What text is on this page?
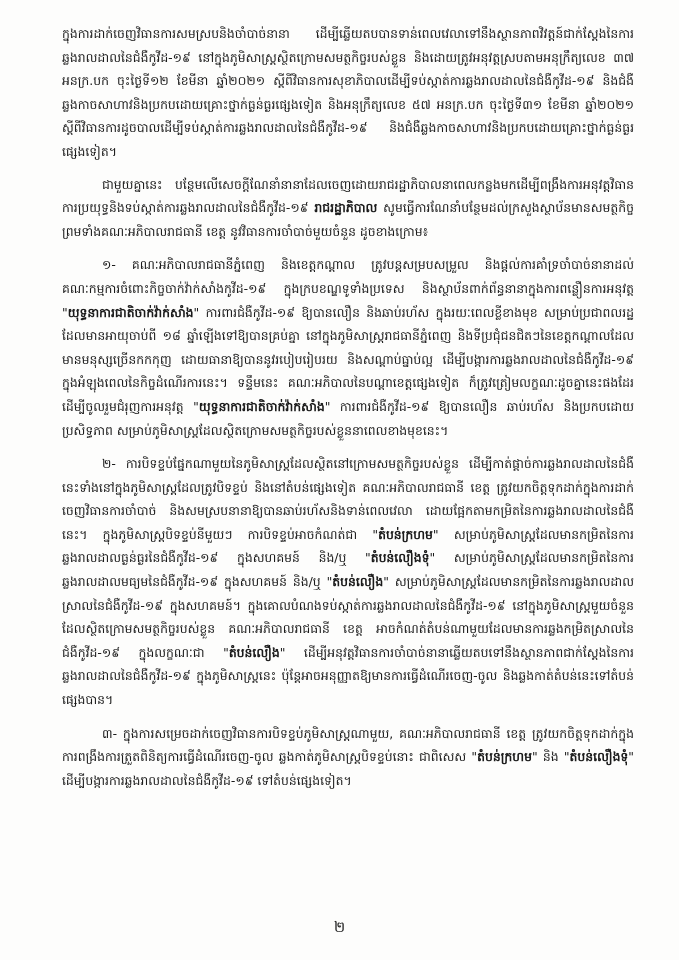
ក្នុងការដាក់ចេញវិធានការសមស្របនិងចាំបាច់នានា ដើម្បីឆ្លើយតបបានទាន់ពេលវេលាទៅនឹងស្ថានភាពវិវត្តន៍ជាក់ស្តែងនៃការឆ្លងរាលដាលនៃជំងឺកូវីដ-១៩ នៅក្នុងភូមិសាស្ត្រស្ថិតក្រោមសមត្ថកិច្ចរបស់ខ្លួន និងដោយត្រូវអនុវត្តស្របតាមអនុក្រឹត្យលេខ ៣៧ អនក្រ.បក ចុះថ្ងៃទី១២ ខែមីនា ឆ្នាំ២០២១ ស្តីពីវិធានការសុខាភិបាលដើម្បីទប់ស្កាត់ការឆ្លងរាលដាលនៃជំងឺកូវីដ-១៩ និងជំងឺឆ្លងកាចសាហាវនិងប្រកបដោយគ្រោះថ្នាក់ធ្ងន់ធ្ងរផ្សេងទៀត និងអនុក្រឹត្យលេខ ៥៧ អនក្រ.បក ចុះថ្ងៃទី៣១ ខែមីនា ឆ្នាំ២០២១ ស្តីពីវិធានការដូចបាលដើម្បីទប់ស្កាត់ការឆ្លងរាលដាលនៃជំងឺកូវីដ-១៩ និងជំងឺឆ្លងកាចសាហាវនិងប្រកបដោយគ្រោះថ្នាក់ធ្ងន់ធ្ងរផ្សេងទៀត។

ជាមួយគ្នានេះ បន្ថែមលើសេចក្តីណែនាំនានាដែលចេញដោយរាជរដ្ឋាភិបាលនាពេលកន្លងមកដើម្បីពង្រឹងការអនុវត្តវិធានការប្រយុទ្ធនិងទប់ស្កាត់ការឆ្លងរាលដាលនៃជំងឺកូវីដ-១៩ រាជរដ្ឋាភិបាល សូមធ្វើការណែនាំបន្ថែមដល់ក្រសួងស្ថាប័នមានសមត្ថកិច្ច ព្រមទាំងគណៈអភិបាលរាជធានី ខេត្ត នូវវិធានការចាំបាច់មួយចំនួន ដូចខាងក្រោម៖

១- គណៈអភិបាលរាជធានីភ្នំពេញ និងខេត្តកណ្តាល ត្រូវបន្តសម្របសម្រួល និងផ្តល់ការគាំទ្រចាំបាច់នានាដល់គណៈកម្មការចំពោះកិច្ចចាក់វ៉ាក់សាំងកូវីដ-១៩ ក្នុងក្របខណ្ឌទូទាំងប្រទេស និងស្ថាប័នពាក់ព័ន្ធនានាក្នុងការពន្លឿនការអនុវត្ត "យុទ្ធនាការជាតិចាក់វ៉ាក់សាំង" ការពារជំងឺកូវីដ-១៩ ឱ្យបានលឿន និងឆាប់រហ័ស ក្នុងរយៈពេលខ្លីខាងមុខ សម្រាប់ប្រជាពលរដ្ឋដែលមានអាយុចាប់ពី ១៨ ឆ្នាំឡើងទៅឱ្យបានគ្រប់គ្នា នៅក្នុងភូមិសាស្ត្ររាជធានីភ្នំពេញ និងទីប្រជុំជនជិតៗនៃខេត្តកណ្តាលដែលមានមនុស្សច្រើនកកកុញ ដោយធានាឱ្យបាននូវរបៀបរៀបរយ និងសណ្តាប់ធ្នាប់ល្អ ដើម្បីបង្ការការឆ្លងរាលដាលនៃជំងឺកូវីដ-១៩ ក្នុងអំឡុងពេលនៃកិច្ចដំណើរការនេះ។ ទន្ទឹមនេះ គណៈអភិបាលនៃបណ្តាខេត្តផ្សេងទៀត ក៏ត្រូវត្រៀមលក្ខណៈដូចគ្នានេះផងដែរ ដើម្បីចូលរួមជំរុញការអនុវត្ត "យុទ្ធនាការជាតិចាក់វ៉ាក់សាំង" ការពារជំងឺកូវីដ-១៩ ឱ្យបានលឿន ឆាប់រហ័ស និងប្រកបដោយប្រសិទ្ធភាព សម្រាប់ភូមិសាស្ត្រដែលស្ថិតក្រោមសមត្ថកិច្ចរបស់ខ្លួននាពេលខាងមុខនេះ។

២- ការបិទខ្ទប់ផ្នែកណាមួយនៃភូមិសាស្ត្រដែលស្ថិតនៅក្រោមសមត្ថកិច្ចរបស់ខ្លួន ដើម្បីកាត់ផ្តាច់ការឆ្លងរាលដាលនៃជំងឺនេះទាំងនៅក្នុងភូមិសាស្ត្រដែលត្រូវបិទខ្ទប់ និងនៅតំបន់ផ្សេងទៀត គណៈអភិបាលរាជធានី ខេត្ត ត្រូវយកចិត្តទុកដាក់ក្នុងការដាក់ចេញវិធានការចាំបាច់ និងសមស្របនានាឱ្យបានឆាប់រហ័សនិងទាន់ពេលវេលា ដោយផ្អែកតាមកម្រិតនៃការឆ្លងរាលដាលនៃជំងឺនេះ។ ក្នុងភូមិសាស្ត្របិទខ្ទប់នីមួយៗ ការបិទខ្ទប់អាចកំណត់ជា "តំបន់ក្រហម" សម្រាប់ភូមិសាស្ត្រដែលមានកម្រិតនៃការឆ្លងរាលដាលធ្ងន់ធ្ងរនៃជំងឺកូវីដ-១៩ ក្នុងសហគមន៍ និង/ឬ "តំបន់លឿងទុំ" សម្រាប់ភូមិសាស្ត្រដែលមានកម្រិតនៃការឆ្លងរាលដាលមធ្យមនៃជំងឺកូវីដ-១៩ ក្នុងសហគមន៍ និង/ឬ "តំបន់លឿង" សម្រាប់ភូមិសាស្ត្រដែលមានកម្រិតនៃការឆ្លងរាលដាលស្រាលនៃជំងឺកូវីដ-១៩ ក្នុងសហគមន៍។ ក្នុងគោលបំណងទប់ស្កាត់ការឆ្លងរាលដាលនៃជំងឺកូវីដ-១៩ នៅក្នុងភូមិសាស្ត្រមួយចំនួនដែលស្ថិតក្រោមសមត្ថកិច្ចរបស់ខ្លួន គណៈអភិបាលរាជធានី ខេត្ត អាចកំណត់តំបន់ណាមួយដែលមានការឆ្លងកម្រិតស្រាលនៃជំងឺកូវីដ-១៩ ក្នុងលក្ខណៈជា "តំបន់លឿង" ដើម្បីអនុវត្តវិធានការចាំបាច់នានាឆ្លើយតបទៅនឹងស្ថានភាពជាក់ស្តែងនៃការឆ្លងរាលដាលនៃជំងឺកូវីដ-១៩ ក្នុងភូមិសាស្ត្រនេះ ប៉ុន្តែអាចអនុញ្ញាតឱ្យមានការធ្វើដំណើរចេញ-ចូល និងឆ្លងកាត់តំបន់នេះទៅតំបន់ផ្សេងបាន។

៣- ក្នុងការសម្រេចដាក់ចេញវិធានការបិទខ្ទប់ភូមិសាស្ត្រណាមួយ, គណៈអភិបាលរាជធានី ខេត្ត ត្រូវយកចិត្តទុកដាក់ក្នុងការពង្រឹងការត្រួតពិនិត្យការធ្វើដំណើរចេញ-ចូល ឆ្លងកាត់ភូមិសាស្ត្របិទខ្ទប់នោះ ជាពិសេស "តំបន់ក្រហម" និង "តំបន់លឿងទុំ" ដើម្បីបង្ការការឆ្លងរាលដាលនៃជំងឺកូវីដ-១៩ ទៅតំបន់ផ្សេងទៀត។

២
